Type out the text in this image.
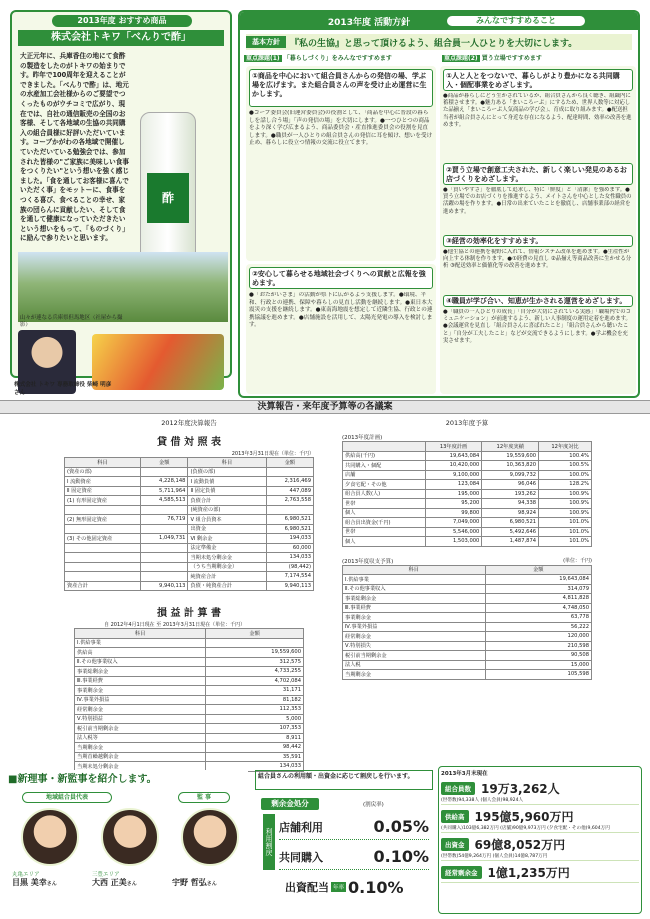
2013年度 おすすめ商品
株式会社トキワ「べんりで酢」
大正元年に、兵庫香住の地にて食酢の製造をしたのがトキワの始まりです。昨年で100周年を迎えることができました。「べんりで酢」は、地元の水産加工会社様からのご要望でつくったものがウチコミで広がり、現在では、自社の通信販売の全国のお客様、そして各地域の生協の共同購入の組合員様に好評いただいています。コープかがわの各地域で開催していただいている勉強会では、参加された皆様の"ご家族に美味しい食事をつくりたい"という想いを強く感じました。「食を通してお客様に喜んでいただく事」をモットーに、食事をつくる喜び、食べることの幸せ、家族の団らんに貢献したい、そして食を通して健康になっていただきたいという想いをもって、「ものづくり」に励んで参りたいと思います。
酢
山々が連なる兵庫県但馬地区（社屋から撮影）
株式会社 トキワ 専務取締役 柴崎 明彦さん
2013年度 活動方針	みんなですすめること
基本方針	『私の生協』と思って頂けるよう、組合員一人ひとりを大切にします。
重点課題(1) 「暮らしづくり」をみんなですすめます	重点課題(2) 買う立場ですすめます
①商品を中心において組合員さんからの発信の場、学ぶ場を広げます。また組合員さんの声を受け止め運営に生かします。
●コープ委員会(旧運営委員会)の役割として、「商品を中心に普段の暮らしを話し合う場」「声の発信の場」を大切にします。●一つひとつの商品をより深く学び広まるよう、商品委員会・産直推進委員会の役割を見直します。●職員が一人ひとりの組合員さんの発信に耳を傾け、想いを受け止め、暮らしに役立つ情報の交流に役立てます。
②安心して暮らせる地域社会づくりへの貢献と広報を強めます。
●「おたがいさま」の活動が県下に広がるよう支援します。●環境、平和、行政との連携、保障や暮らしの見直し活動を継続します。●東日本大震災の支援を継続します。●東南海地震を想定して近隣生協、行政との連携協議を進めます。●店舗施設を活用して、太陽光発電の導入を検討します。
①人と人とをつないで、暮らしがより豊かになる共同購入・個配事業をめざします。
●商品が暮らしにどう生かされているか、組合員さんから良く聴き、組織内に蓄積させます。●魅力ある「まいころーぷ」にするため、世界人数等に対応した品揃え「まいころーぷ人気商品の学び会」、育成に取り組みます。●配送担当者が組合員さんにとって身近な存在になるよう、配達時間、効率の改善を進めます。
②買う立場で創意工夫された、新しく楽しい発見のあるお店づくりをめざします。
●「買いやすさ」を徹底して追求し、特に「鮮度」と「清潔」を強めます。●買う立場でのお店づくりを推進するよう、メイトさんを中心とした女性職員の活躍の場を作ります。●日常の出来ていたことを徹底し、店舗事業部の経営を進めます。
③経営の効率化をすすめます。
●他生協との連携を視野に入れて、情報システム改革を進めます。●生産性が向上する体制を作ります。●①経費の見直し ②品揃え等商品改善に生かせる分析 ③配送効率と価値化等の改善を進めます。
④職員が学び合い、知恵が生かされる運営をめざします。
●「職員の一人ひとりの成長」「自分が大切にされている実感」「職場内でのコミュニケーション」が前進するよう、新しい人事制度の運用定着を進めます。●会議運営を見直し「組合員さんに喜ばれたこと」「組合員さんから聴いたこと」「自分が工夫したこと」などが交流できるようにします。●学ぶ機会を充実させます。
決算報告・来年度予算等の各議案
2012年度決算報告
貸 借 対 照 表
2013年3月31日現在（単位：千円）
科目	金額	科目	金額
(資産の部)		(負債の部)	
Ⅰ 流動資産	4,228,148	Ⅰ 流動負債	2,316,469
Ⅱ 固定資産	5,711,964	Ⅱ 固定負債	447,089
(1) 有形固定資産	4,585,513	負債合計	2,763,558
		(純資産の部)	
(2) 無形固定資産	76,719	Ⅴ 組合員資本	6,980,521
		出資金	6,980,521
(3) その他固定資産	1,049,731	Ⅵ 剰余金	194,033
		法定準備金	60,000
		当期未処分剰余金	134,033
		（うち当期剰余金）	(98,442)
		純資産合計	7,174,554
資産合計	9,940,113	負債・純資産合計	9,940,113
損 益 計 算 書
自 2012年4月1日現在 至 2013年3月31日現在（単位：千円）
科目	金額
Ⅰ.供給事業	
供給高	19,559,600
Ⅱ.その他事業収入	312,575
事業総剰余金	4,733,255
Ⅲ.事業経費	4,702,084
事業剰余金	31,171
Ⅳ.事業外損益	81,182
経常剰余金	112,353
Ⅴ.特別損益	5,000
税引前当期剰余金	107,353
法人税等	8,911
当期剰余金	98,442
当期首繰越剰余金	35,591
当期未処分剰余金	134,033
2013年度予算
(2013年度計画)
	13年度計画	12年度実績	12年度対比
供給高(千円)	19,643,084	19,559,600	100.4%
共同購入・個配	10,420,000	10,363,820	100.5%
店舗	9,100,000	9,099,732	100.0%
夕食宅配・その他	123,084	96,046	128.2%
組合員人数(人)	195,000	193,262	100.9%
世帯	95,200	94,338	100.9%
個人	99,800	98,924	100.9%
組合員出資金(千円)	7,049,000	6,980,521	101.0%
世帯	5,546,000	5,492,646	101.0%
個人	1,503,000	1,487,874	101.0%
(2013年度収支予算)	(単位：千円)
科目	金額
Ⅰ.供給事業	19,643,084
Ⅱ.その他事業収入	314,079
事業総剰余金	4,811,828
Ⅲ.事業経費	4,748,050
事業剰余金	63,778
Ⅳ.事業外損益	56,222
経常剰余金	120,000
Ⅴ.特別損失	210,598
税引前当期剰余金	90,508
法人税	15,000
当期剰余金	105,598
■新理事・新監事を紹介します。
地域組合員代表	監 事
丸亀エリア
目黒 美幸さん
三豊エリア
大西 正美さん	宇野 哲弘さん
組合員さんの利用額・出資金に応じて割戻しを行います。
剰余金処分	(割戻率)
利用割戻
店舗利用	0.05%
共同購入	0.10%
出資配当 年率 0.10%
2013年3月末現在
組合員数 19万3,262人
(世帯数)94,338人 (個人会員)98,924人
供給高 195億5,960万円
(共同購入)103億6,382万円 (店舗)90億9,973万円 (夕食宅配・その他)9,604万円
出資金 69億8,052万円
(世帯数)54億9,264万円 (個人会員)14億8,787万円
経常剰余金 1億1,235万円
